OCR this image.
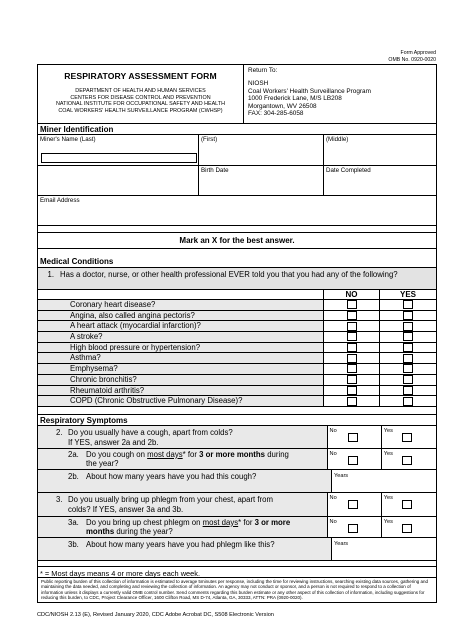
Form Approved
OMB No. 0920-0020
RESPIRATORY ASSESSMENT FORM
DEPARTMENT OF HEALTH AND HUMAN SERVICES
CENTERS FOR DISEASE CONTROL AND PREVENTION
NATIONAL INSTITUTE FOR OCCUPATIONAL SAFETY AND HEALTH
COAL WORKERS' HEALTH SURVEILLANCE PROGRAM (CWHSP)
Return To:
NIOSH
Coal Workers' Health Surveillance Program
1000 Frederick Lane, M/S LB208
Morgantown, WV 26508
FAX: 304-285-6058
Miner Identification
Miner's Name (Last)	(First)	(Middle)
Birth Date	Date Completed
Email Address
Mark an X for the best answer.
Medical Conditions
1. Has a doctor, nurse, or other health professional EVER told you that you had any of the following?
NO	YES
Coronary heart disease?
Angina, also called angina pectoris?
A heart attack (myocardial infarction)?
A stroke?
High blood pressure or hypertension?
Asthma?
Emphysema?
Chronic bronchitis?
Rheumatoid arthritis?
COPD (Chronic Obstructive Pulmonary Disease)?
Respiratory Symptoms
2. Do you usually have a cough, apart from colds?
If YES, answer 2a and 2b.
No	Yes
2a. Do you cough on most days* for 3 or more months during
the year?
No	Yes
2b. About how many years have you had this cough?	Years
3. Do you usually bring up phlegm from your chest, apart from
colds? If YES, answer 3a and 3b.
No	Yes
3a. Do you bring up chest phlegm on most days* for 3 or more
months during the year?
No	Yes
3b. About how many years have you had phlegm like this?	Years
* = Most days means 4 or more days each week.
Public reporting burden of this collection of information is estimated to average 5minutes per response, including the time for reviewing instructions, searching existing data sources, gathering and maintaining the data needed, and completing and reviewing the collection of information. An agency may not conduct or sponsor, and a person is not required to respond to a collection of information unless it displays a currently valid OMB control number. Send comments regarding this burden estimate or any other aspect of this collection of information, including suggestions for reducing this burden, to CDC, Project Clearance Officer, 1600 Clifton Road, MS D-74, Atlanta, GA, 30333, ATTN: PRA (0920-0020).
CDC/NIOSH 2.13 (E), Revised January 2020, CDC Adobe Acrobat DC, S508 Electronic Version
